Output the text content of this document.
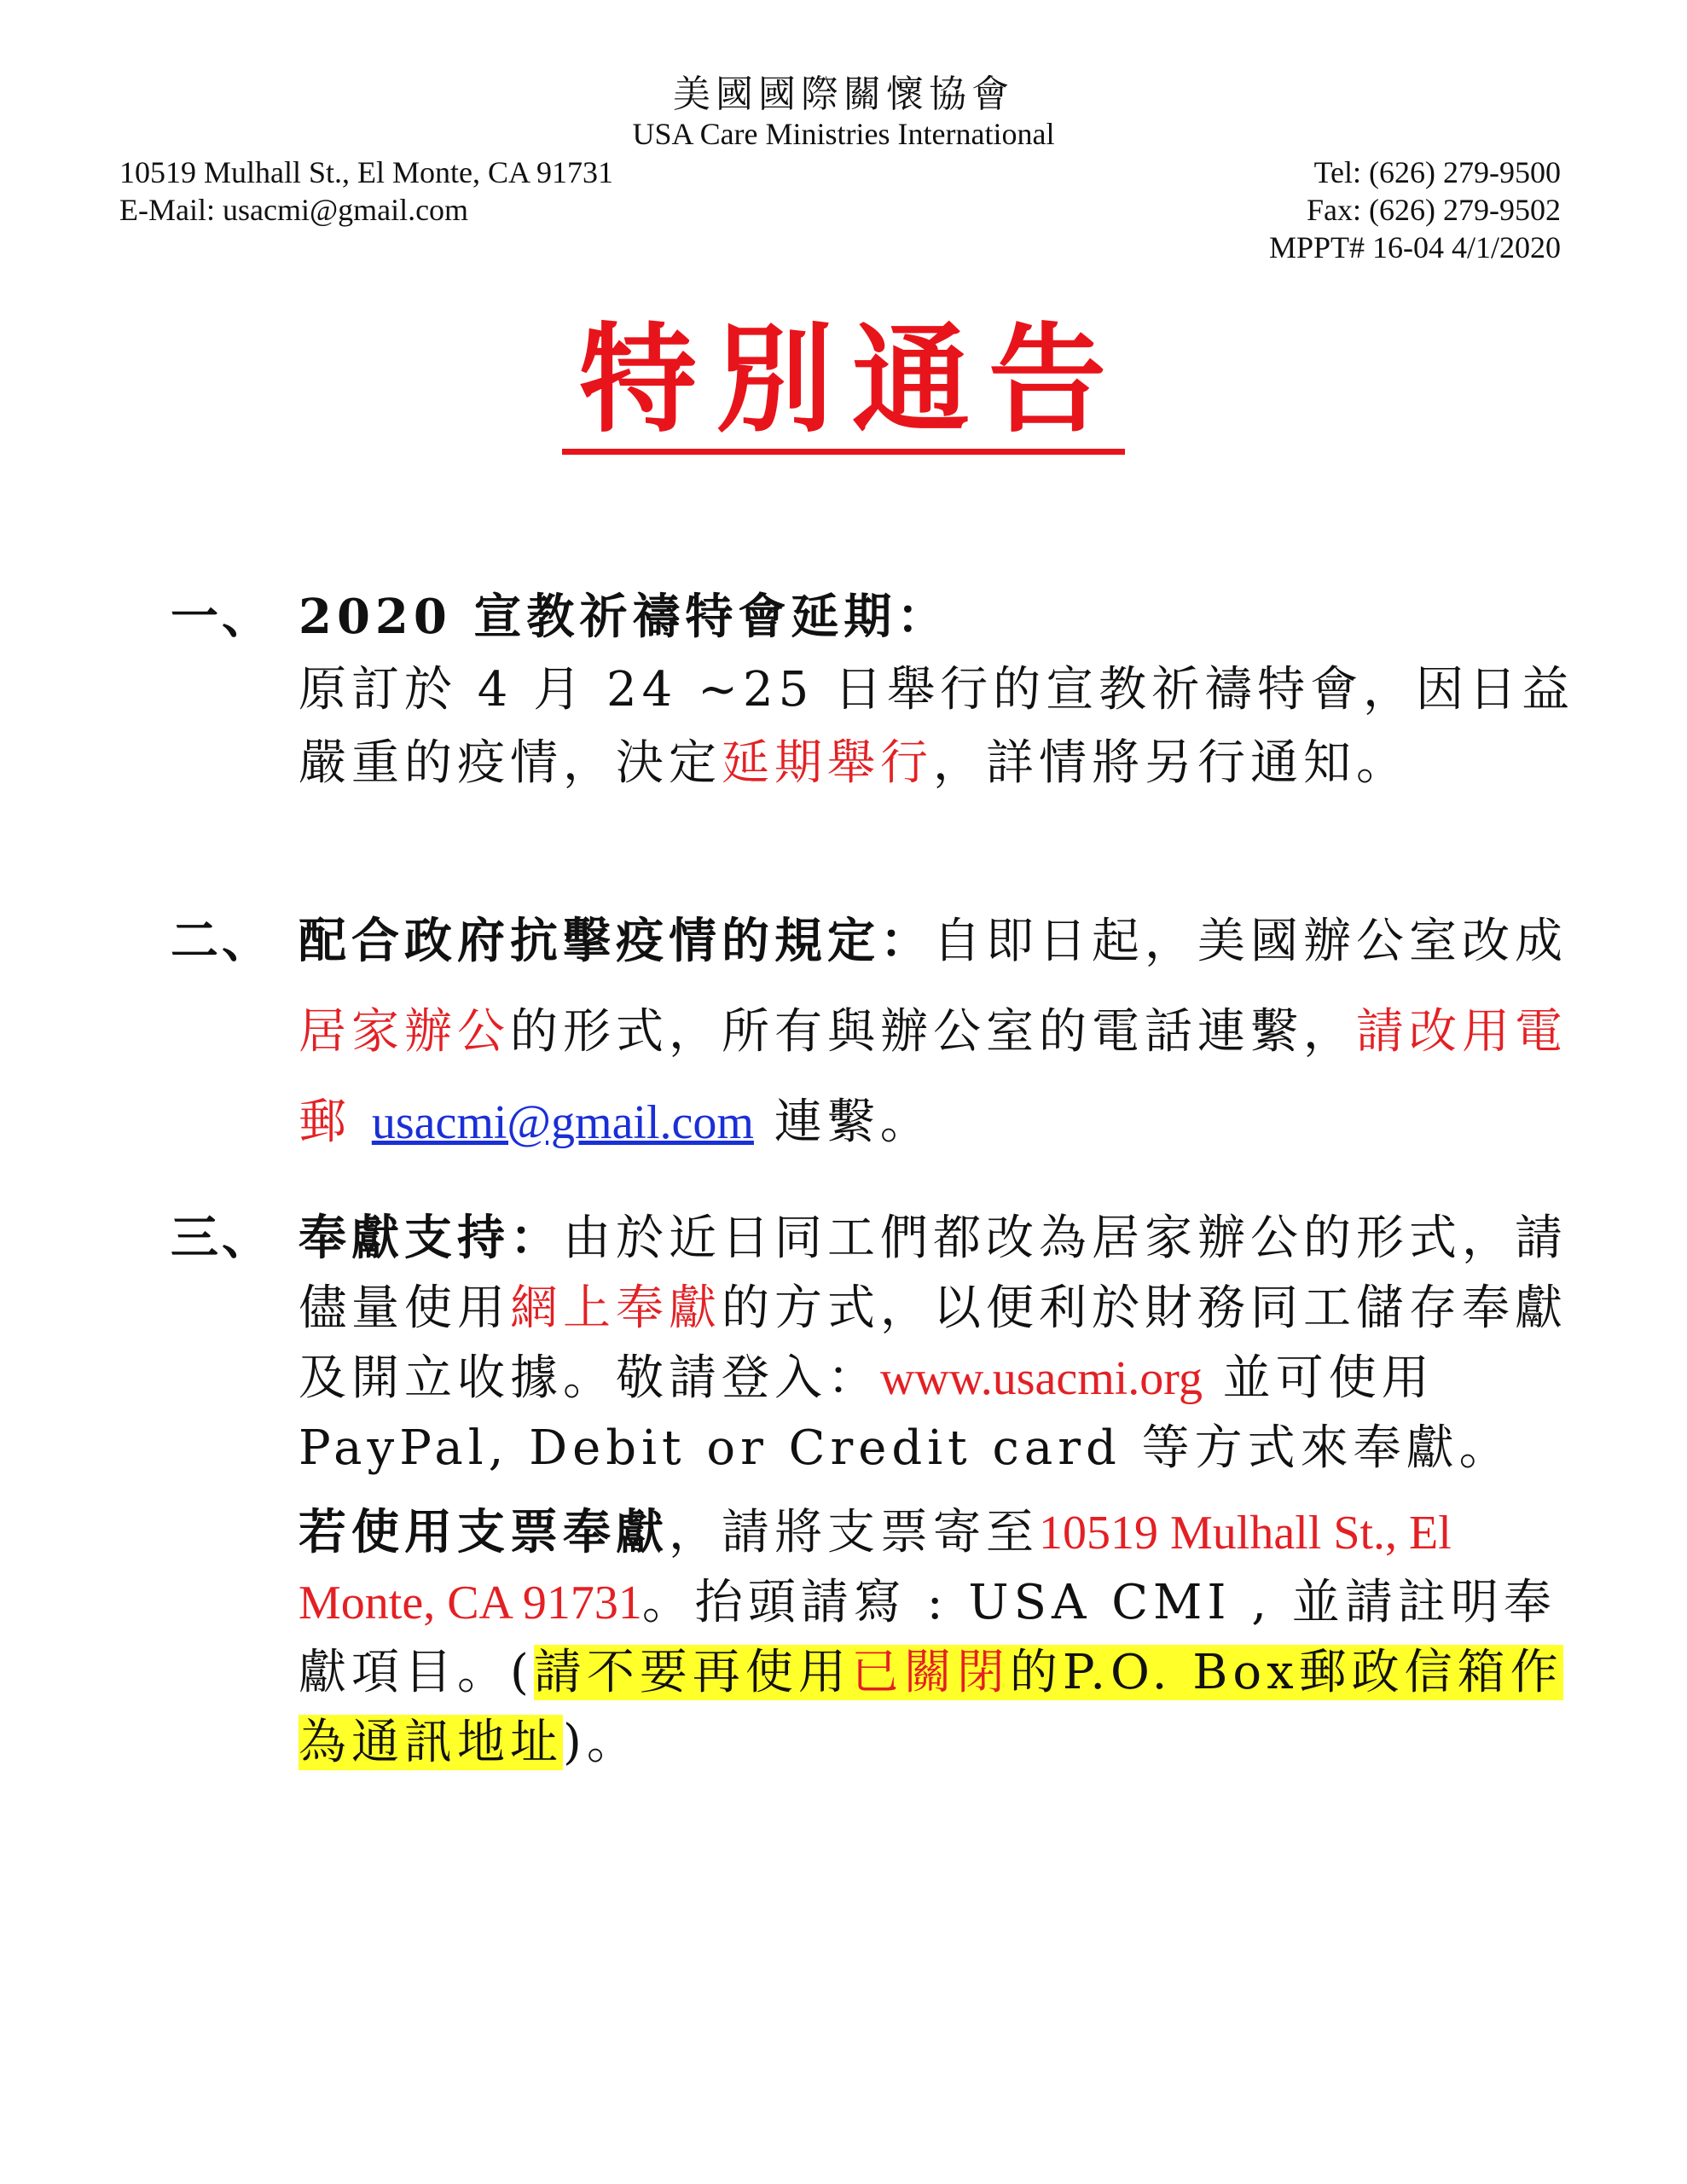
美國國際關懷協會
USA Care Ministries International
10519 Mulhall St., El Monte, CA 91731
E-Mail: usacmi@gmail.com
Tel: (626) 279-9500
Fax: (626) 279-9502
MPPT# 16-04 4/1/2020
特別通告
一、 2020 宣教祈禱特會延期：

原訂於 4 月 24 ~25 日舉行的宣教祈禱特會，因日益嚴重的疫情，決定延期舉行，詳情將另行通知。

二、 配合政府抗擊疫情的規定：自即日起，美國辦公室改成居家辦公的形式，所有與辦公室的電話連繫，請改用電郵 usacmi@gmail.com 連繫。

三、 奉獻支持：由於近日同工們都改為居家辦公的形式，請儘量使用網上奉獻的方式，以便利於財務同工儲存奉獻及開立收據。敬請登入：www.usacmi.org 並可使用PayPal, Debit or Credit card 等方式來奉獻。

若使用支票奉獻，請將支票寄至10519 Mulhall St., El Monte, CA 91731。抬頭請寫 : USA CMI , 並請註明奉獻項目。(請不要再使用已關閉的P.O. Box郵政信箱作為通訊地址)。
